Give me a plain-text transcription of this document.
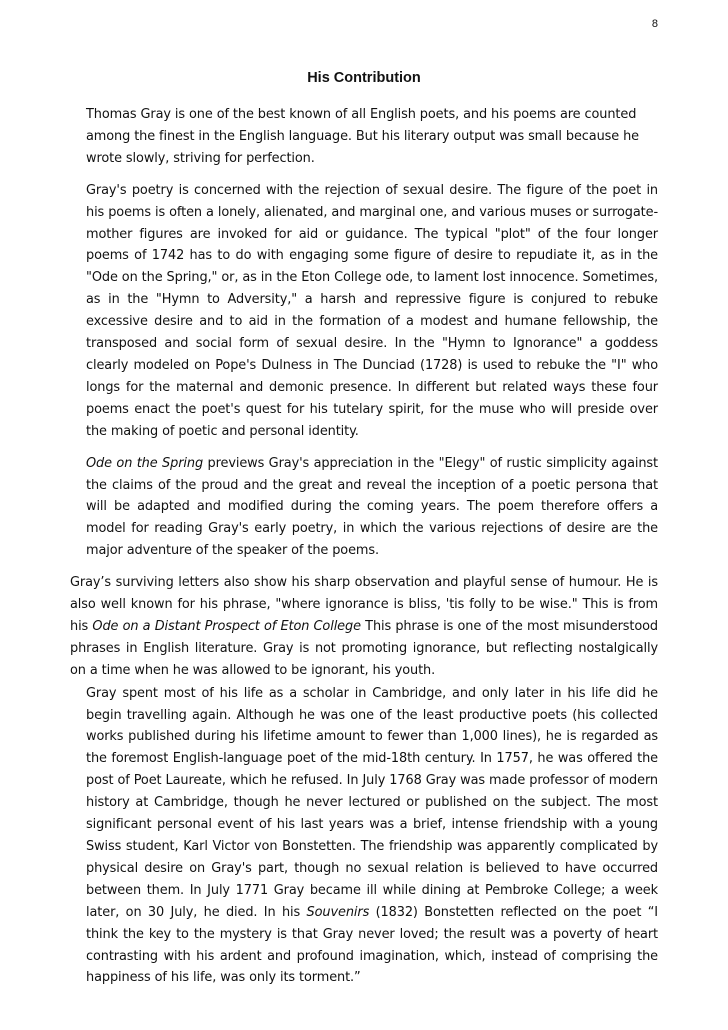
8
His Contribution

Thomas Gray is one of the best known of all English poets, and his poems are counted among the finest in the English language. But his literary output was small because he wrote slowly, striving for perfection.

Gray's poetry is concerned with the rejection of sexual desire. The figure of the poet in his poems is often a lonely, alienated, and marginal one, and various muses or surrogate-mother figures are invoked for aid or guidance. The typical "plot" of the four longer poems of 1742 has to do with engaging some figure of desire to repudiate it, as in the "Ode on the Spring," or, as in the Eton College ode, to lament lost innocence. Sometimes, as in the "Hymn to Adversity," a harsh and repressive figure is conjured to rebuke excessive desire and to aid in the formation of a modest and humane fellowship, the transposed and social form of sexual desire. In the "Hymn to Ignorance" a goddess clearly modeled on Pope's Dulness in The Dunciad (1728) is used to rebuke the "I" who longs for the maternal and demonic presence. In different but related ways these four poems enact the poet's quest for his tutelary spirit, for the muse who will preside over the making of poetic and personal identity.

Ode on the Spring previews Gray's appreciation in the "Elegy" of rustic simplicity against the claims of the proud and the great and reveal the inception of a poetic persona that will be adapted and modified during the coming years. The poem therefore offers a model for reading Gray's early poetry, in which the various rejections of desire are the major adventure of the speaker of the poems.

Gray’s surviving letters also show his sharp observation and playful sense of humour. He is also well known for his phrase, "where ignorance is bliss, 'tis folly to be wise." This is from his Ode on a Distant Prospect of Eton College This phrase is one of the most misunderstood phrases in English literature. Gray is not promoting ignorance, but reflecting nostalgically on a time when he was allowed to be ignorant, his youth.

Gray spent most of his life as a scholar in Cambridge, and only later in his life did he begin travelling again. Although he was one of the least productive poets (his collected works published during his lifetime amount to fewer than 1,000 lines), he is regarded as the foremost English-language poet of the mid-18th century. In 1757, he was offered the post of Poet Laureate, which he refused. In July 1768 Gray was made professor of modern history at Cambridge, though he never lectured or published on the subject. The most significant personal event of his last years was a brief, intense friendship with a young Swiss student, Karl Victor von Bonstetten. The friendship was apparently complicated by physical desire on Gray's part, though no sexual relation is believed to have occurred between them. In July 1771 Gray became ill while dining at Pembroke College; a week later, on 30 July, he died. In his Souvenirs (1832) Bonstetten reflected on the poet “I think the key to the mystery is that Gray never loved; the result was a poverty of heart contrasting with his ardent and profound imagination, which, instead of comprising the happiness of his life, was only its torment.”
